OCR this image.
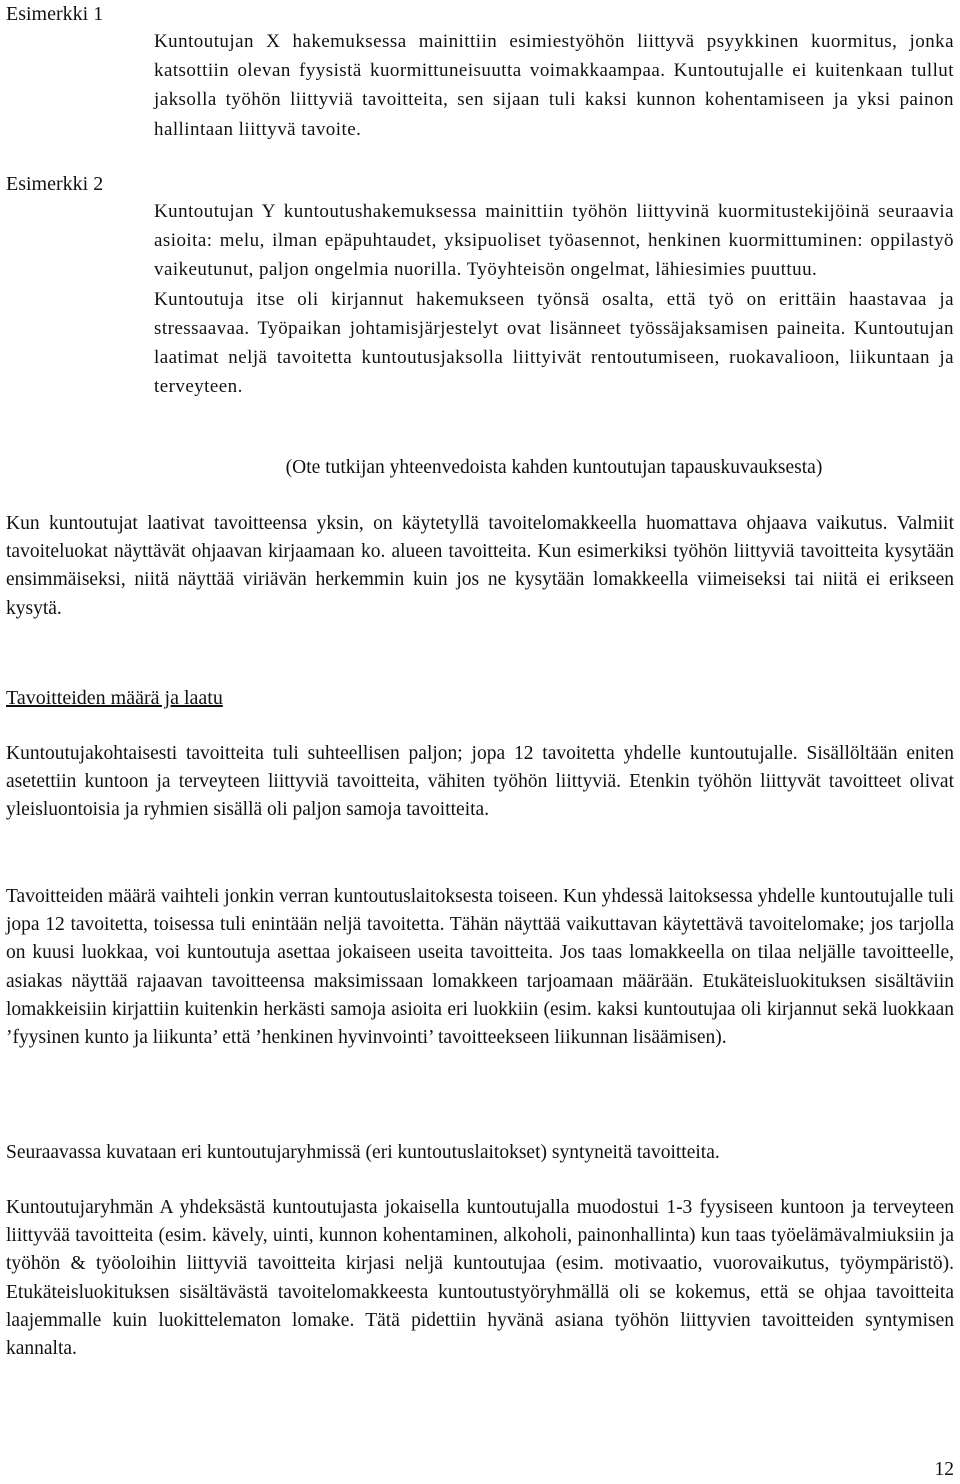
Esimerkki 1

Kuntoutujan X hakemuksessa mainittiin esimiestyöhön liittyvä psyykkinen kuormitus, jonka katsottiin olevan fyysistä kuormittuneisuutta voimakkaampaa. Kuntoutujalle ei kuitenkaan tullut jaksolla työhön liittyviä tavoitteita, sen sijaan tuli kaksi kunnon kohentamiseen ja yksi painon hallintaan liittyvä tavoite.

Esimerkki 2

Kuntoutujan Y kuntoutushakemuksessa mainittiin työhön liittyvinä kuormitustekijöinä seuraavia asioita: melu, ilman epäpuhtaudet, yksipuoliset työasennot, henkinen kuormittuminen: oppilastyö vaikeutunut, paljon ongelmia nuorilla. Työyhteisön ongelmat, lähiesimies puuttuu.

Kuntoutuja itse oli kirjannut hakemukseen työnsä osalta, että työ on erittäin haastavaa ja stressaavaa. Työpaikan johtamisjärjestelyt ovat lisänneet työssäjaksamisen paineita. Kuntoutujan laatimat neljä tavoitetta kuntoutusjaksolla liittyivät rentoutumiseen, ruokavalioon, liikuntaan ja terveyteen.

(Ote tutkijan yhteenvedoista kahden kuntoutujan tapauskuvauksesta)

Kun kuntoutujat laativat tavoitteensa yksin, on käytetyllä tavoitelomakkeella huomattava ohjaava vaikutus. Valmiit tavoiteluokat näyttävät ohjaavan kirjaamaan ko. alueen tavoitteita. Kun esimerkiksi työhön liittyviä tavoitteita kysytään ensimmäiseksi, niitä näyttää viriävän herkemmin kuin jos ne kysytään lomakkeella viimeiseksi tai niitä ei erikseen kysytä.

Tavoitteiden määrä ja laatu

Kuntoutujakohtaisesti tavoitteita tuli suhteellisen paljon; jopa 12 tavoitetta yhdelle kuntoutujalle. Sisällöltään eniten asetettiin kuntoon ja terveyteen liittyviä tavoitteita, vähiten työhön liittyviä. Etenkin työhön liittyvät tavoitteet olivat yleisluontoisia ja ryhmien sisällä oli paljon samoja tavoitteita.

Tavoitteiden määrä vaihteli jonkin verran kuntoutuslaitoksesta toiseen. Kun yhdessä laitoksessa yhdelle kuntoutujalle tuli jopa 12 tavoitetta, toisessa tuli enintään neljä tavoitetta. Tähän näyttää vaikuttavan käytettävä tavoitelomake; jos tarjolla on kuusi luokkaa, voi kuntoutuja asettaa jokaiseen useita tavoitteita. Jos taas lomakkeella on tilaa neljälle tavoitteelle, asiakas näyttää rajaavan tavoitteensa maksimissaan lomakkeen tarjoamaan määrään. Etukäteisluokituksen sisältäviin lomakkeisiin kirjattiin kuitenkin herkästi samoja asioita eri luokkiin (esim. kaksi kuntoutujaa oli kirjannut sekä luokkaan ’fyysinen kunto ja liikunta’ että ’henkinen hyvinvointi’ tavoitteekseen liikunnan lisäämisen).

Seuraavassa kuvataan eri kuntoutujaryhmissä (eri kuntoutuslaitokset) syntyneitä tavoitteita.

Kuntoutujaryhmän A yhdeksästä kuntoutujasta jokaisella kuntoutujalla muodostui 1-3 fyysiseen kuntoon ja terveyteen liittyvää tavoitteita (esim. kävely, uinti, kunnon kohentaminen, alkoholi, painonhallinta) kun taas työelämävalmiuksiin ja työhön & työoloihin liittyviä tavoitteita kirjasi neljä kuntoutujaa (esim. motivaatio, vuorovaikutus, työympäristö). Etukäteisluokituksen sisältävästä tavoitelomakkeesta kuntoutustyöryhmällä oli se kokemus, että se ohjaa tavoitteita laajemmalle kuin luokittelematon lomake. Tätä pidettiin hyvänä asiana työhön liittyvien tavoitteiden syntymisen kannalta.

12
